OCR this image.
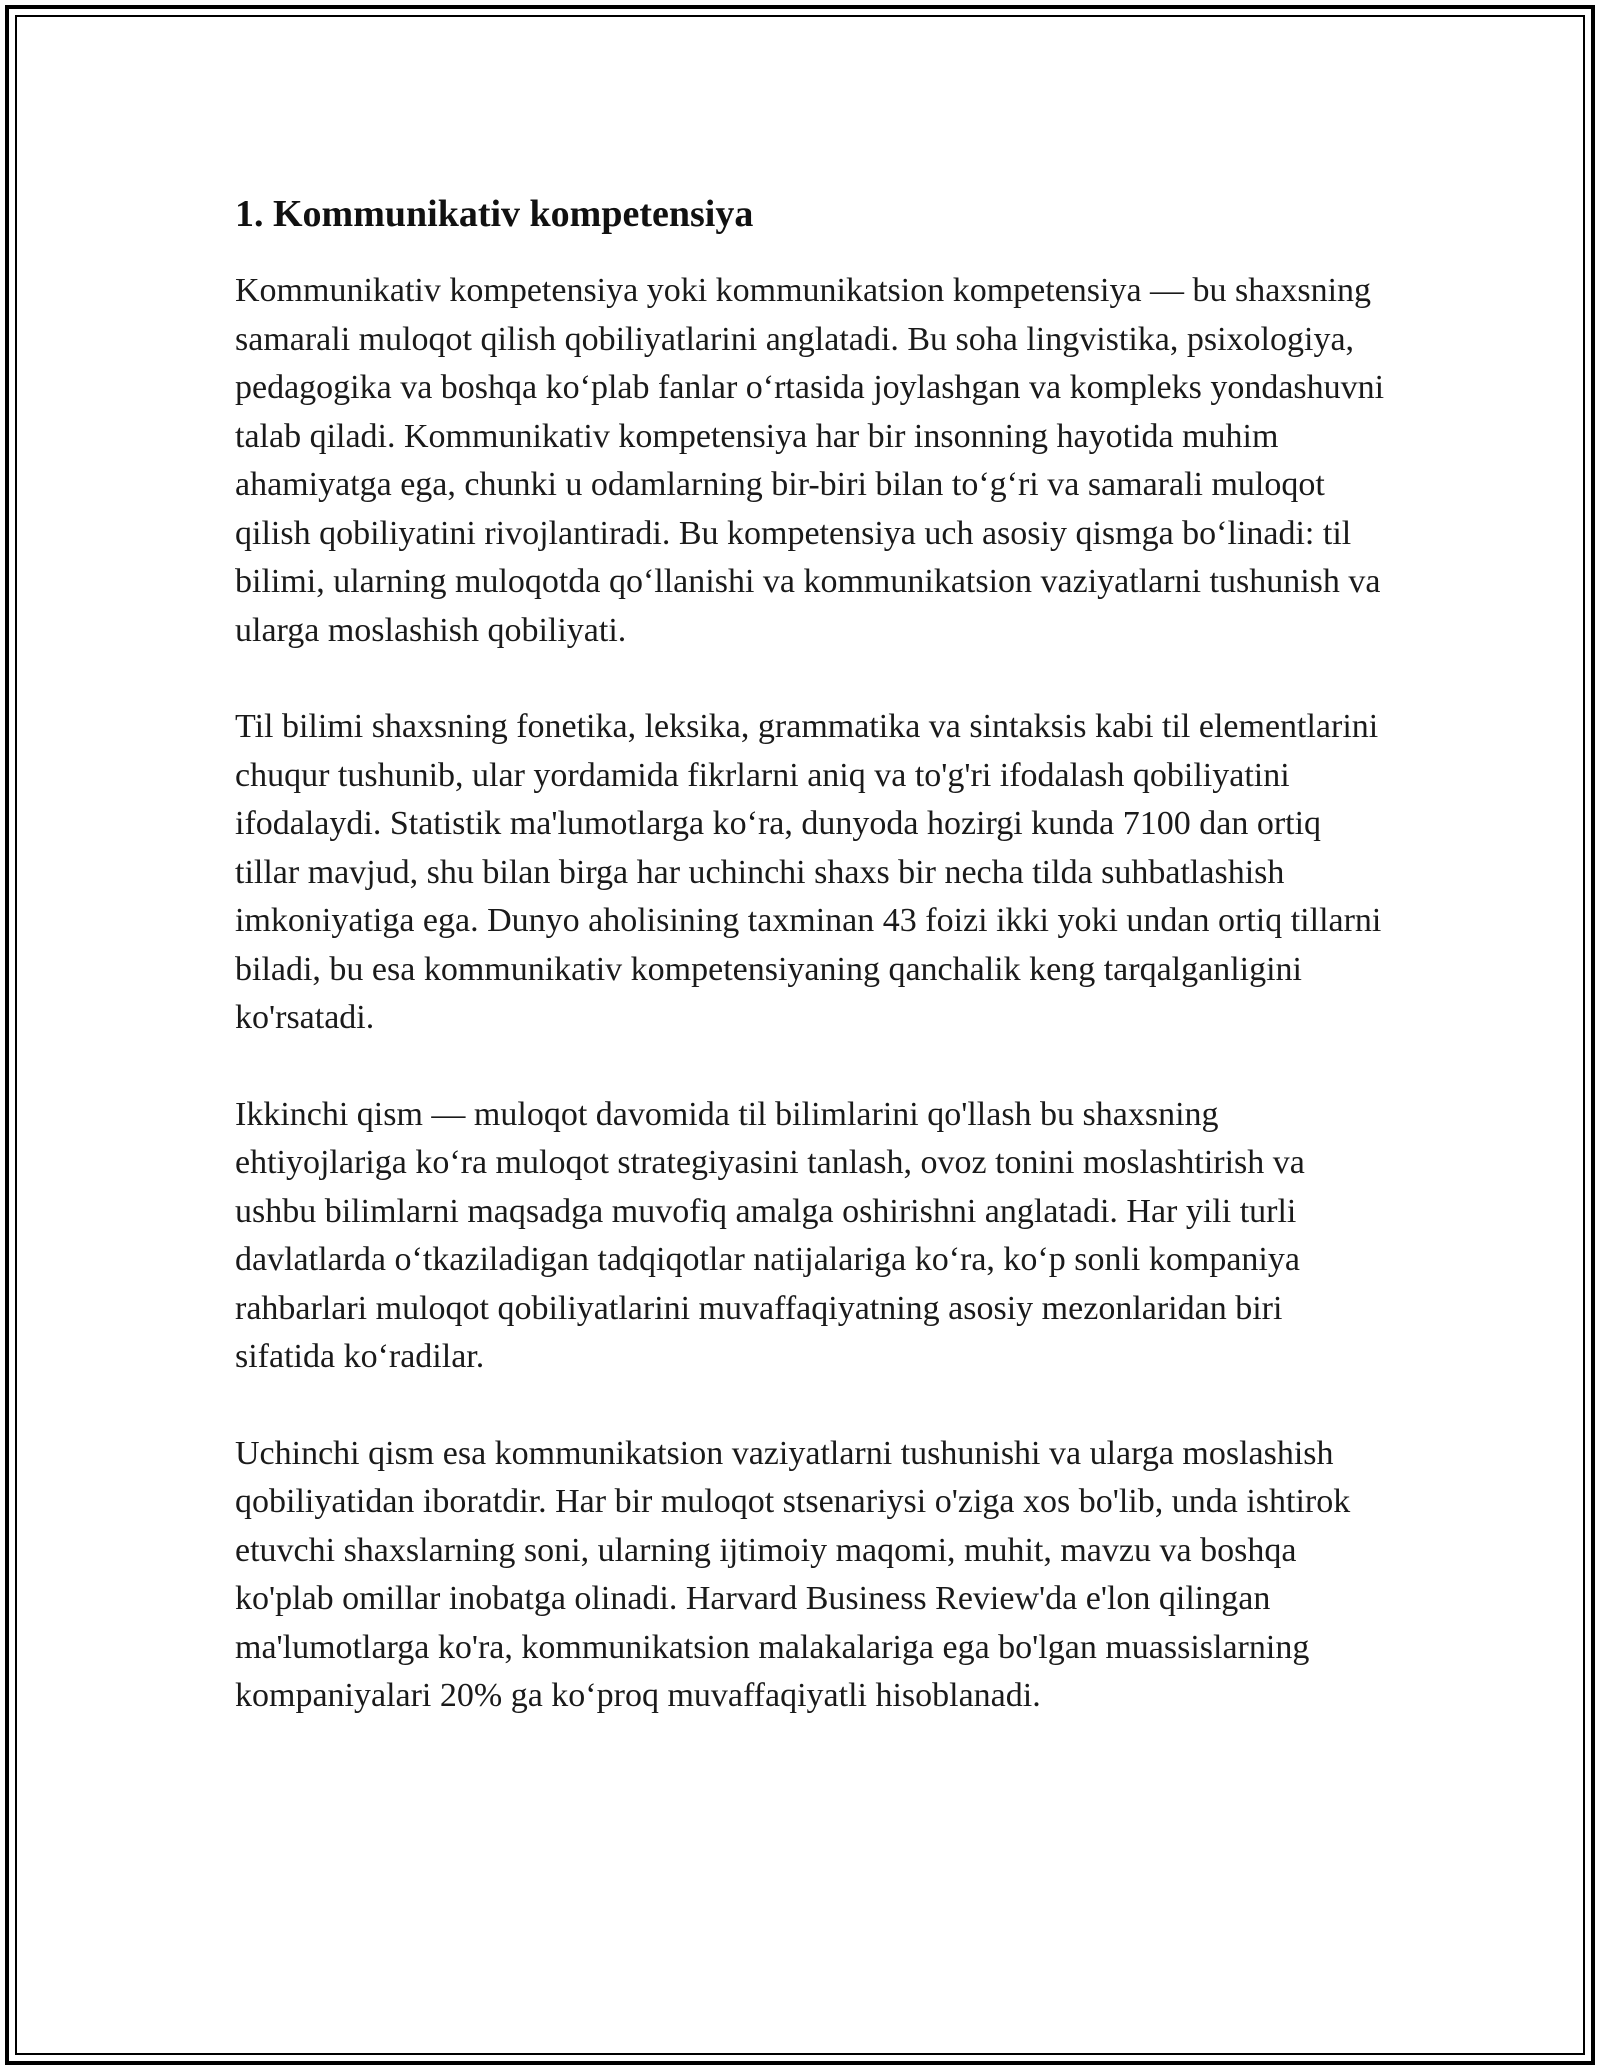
1. Kommunikativ kompetensiya

Kommunikativ kompetensiya yoki kommunikatsion kompetensiya — bu shaxsning samarali muloqot qilish qobiliyatlarini anglatadi. Bu soha lingvistika, psixologiya, pedagogika va boshqa ko‘plab fanlar o‘rtasida joylashgan va kompleks yondashuvni talab qiladi. Kommunikativ kompetensiya har bir insonning hayotida muhim ahamiyatga ega, chunki u odamlarning bir-biri bilan to‘g‘ri va samarali muloqot qilish qobiliyatini rivojlantiradi. Bu kompetensiya uch asosiy qismga bo‘linadi: til bilimi, ularning muloqotda qo‘llanishi va kommunikatsion vaziyatlarni tushunish va ularga moslashish qobiliyati.

Til bilimi shaxsning fonetika, leksika, grammatika va sintaksis kabi til elementlarini chuqur tushunib, ular yordamida fikrlarni aniq va to'g'ri ifodalash qobiliyatini ifodalaydi. Statistik ma'lumotlarga ko‘ra, dunyoda hozirgi kunda 7100 dan ortiq tillar mavjud, shu bilan birga har uchinchi shaxs bir necha tilda suhbatlashish imkoniyatiga ega. Dunyo aholisining taxminan 43 foizi ikki yoki undan ortiq tillarni biladi, bu esa kommunikativ kompetensiyaning qanchalik keng tarqalganligini ko'rsatadi.

Ikkinchi qism — muloqot davomida til bilimlarini qo'llash bu shaxsning ehtiyojlariga ko‘ra muloqot strategiyasini tanlash, ovoz tonini moslashtirish va ushbu bilimlarni maqsadga muvofiq amalga oshirishni anglatadi. Har yili turli davlatlarda o‘tkaziladigan tadqiqotlar natijalariga ko‘ra, ko‘p sonli kompaniya rahbarlari muloqot qobiliyatlarini muvaffaqiyatning asosiy mezonlaridan biri sifatida ko‘radilar.

Uchinchi qism esa kommunikatsion vaziyatlarni tushunishi va ularga moslashish qobiliyatidan iboratdir. Har bir muloqot stsenariysi o'ziga xos bo'lib, unda ishtirok etuvchi shaxslarning soni, ularning ijtimoiy maqomi, muhit, mavzu va boshqa ko'plab omillar inobatga olinadi. Harvard Business Review'da e'lon qilingan ma'lumotlarga ko'ra, kommunikatsion malakalariga ega bo'lgan muassislarning kompaniyalari 20% ga ko‘proq muvaffaqiyatli hisoblanadi.
